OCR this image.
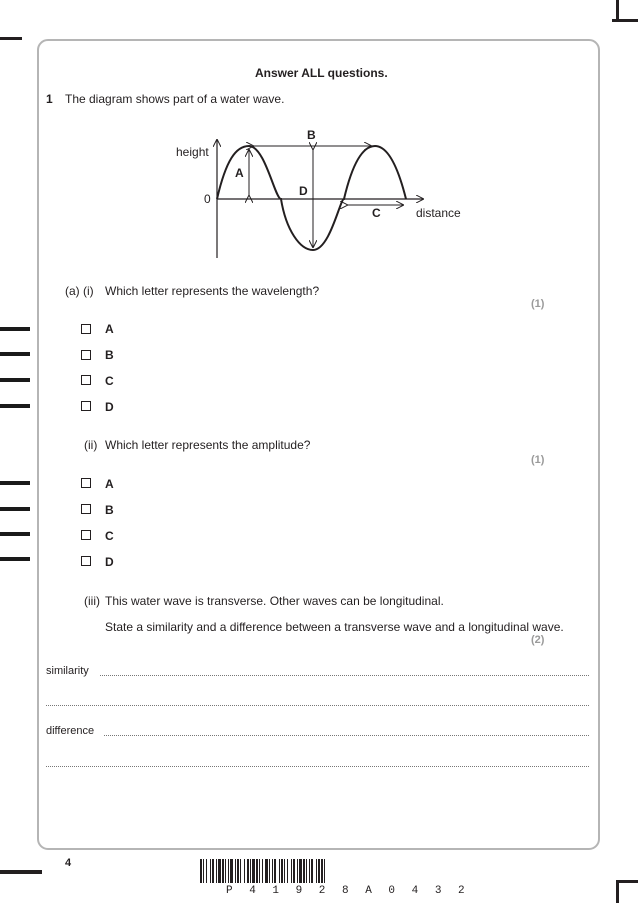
Answer ALL questions.
1 The diagram shows part of a water wave.
height
distance
0
A
B
C
D
(a) (i) Which letter represents the wavelength?
(1)
A
B
C
D
(ii) Which letter represents the amplitude?
(1)
A
B
C
D
(iii) This water wave is transverse. Other waves can be longitudinal.
State a similarity and a difference between a transverse wave and a longitudinal wave.
(2)
similarity
difference
4
P 4 1 9 2 8 A 0 4 3 2
